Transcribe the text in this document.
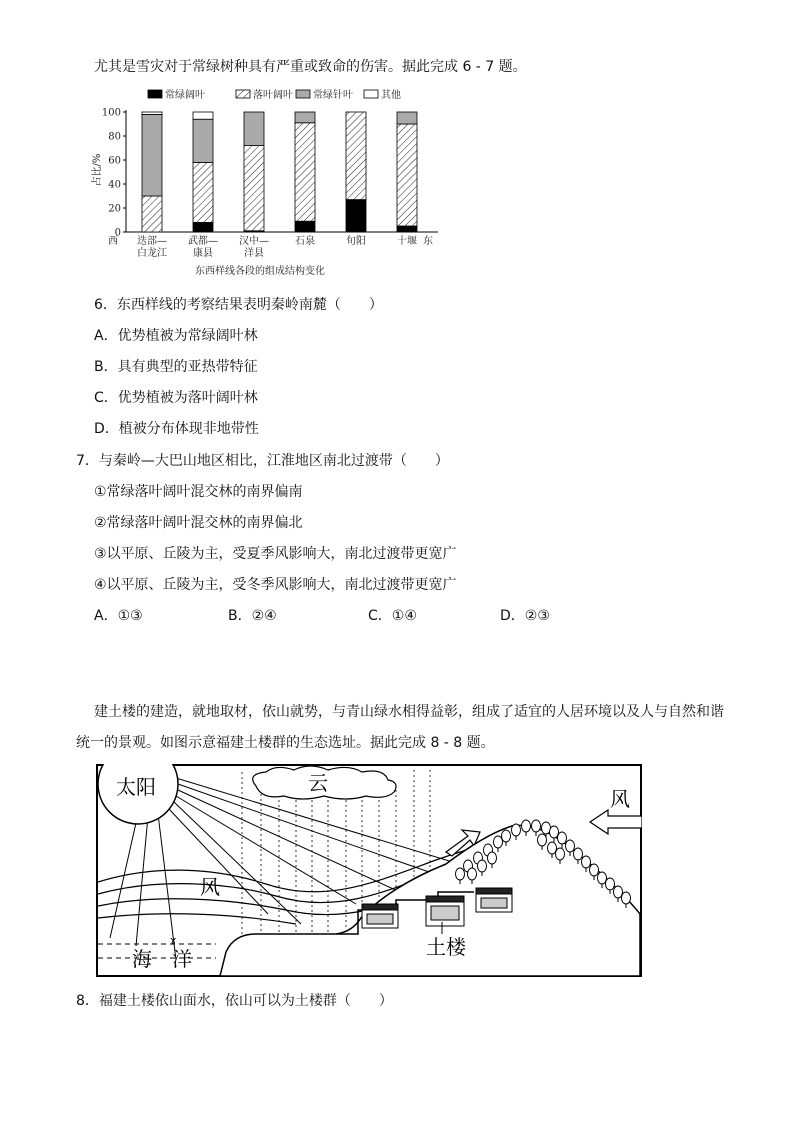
尤其是雪灾对于常绿树种具有严重或致命的伤害。据此完成 6 - 7 题。
常绿阔叶	落叶阔叶 常绿针叶	其他
0
20
40
60
80
100
占比/%
西	东
迭部—
白龙江
武都—
康县
汉中—
洋县
石泉	旬阳	十堰
东西样线各段的组成结构变化
6．东西样线的考察结果表明秦岭南麓（　　）
A．优势植被为常绿阔叶林
B．具有典型的亚热带特征
C．优势植被为落叶阔叶林
D．植被分布体现非地带性
7．与秦岭—大巴山地区相比，江淮地区南北过渡带（　　）
①常绿落叶阔叶混交林的南界偏南
②常绿落叶阔叶混交林的南界偏北
③以平原、丘陵为主，受夏季风影响大，南北过渡带更宽广
④以平原、丘陵为主，受冬季风影响大，南北过渡带更宽广
A．①③	B．②④	C．①④	D．②③
建土楼的建造，就地取材，依山就势，与青山绿水相得益彰，组成了适宜的人居环境以及人与自然和谐
统一的景观。如图示意福建土楼群的生态选址。据此完成 8 - 8 题。
云
太阳
风
风
海　洋
ɤ	土楼
8．福建土楼依山面水，依山可以为土楼群（　　）
